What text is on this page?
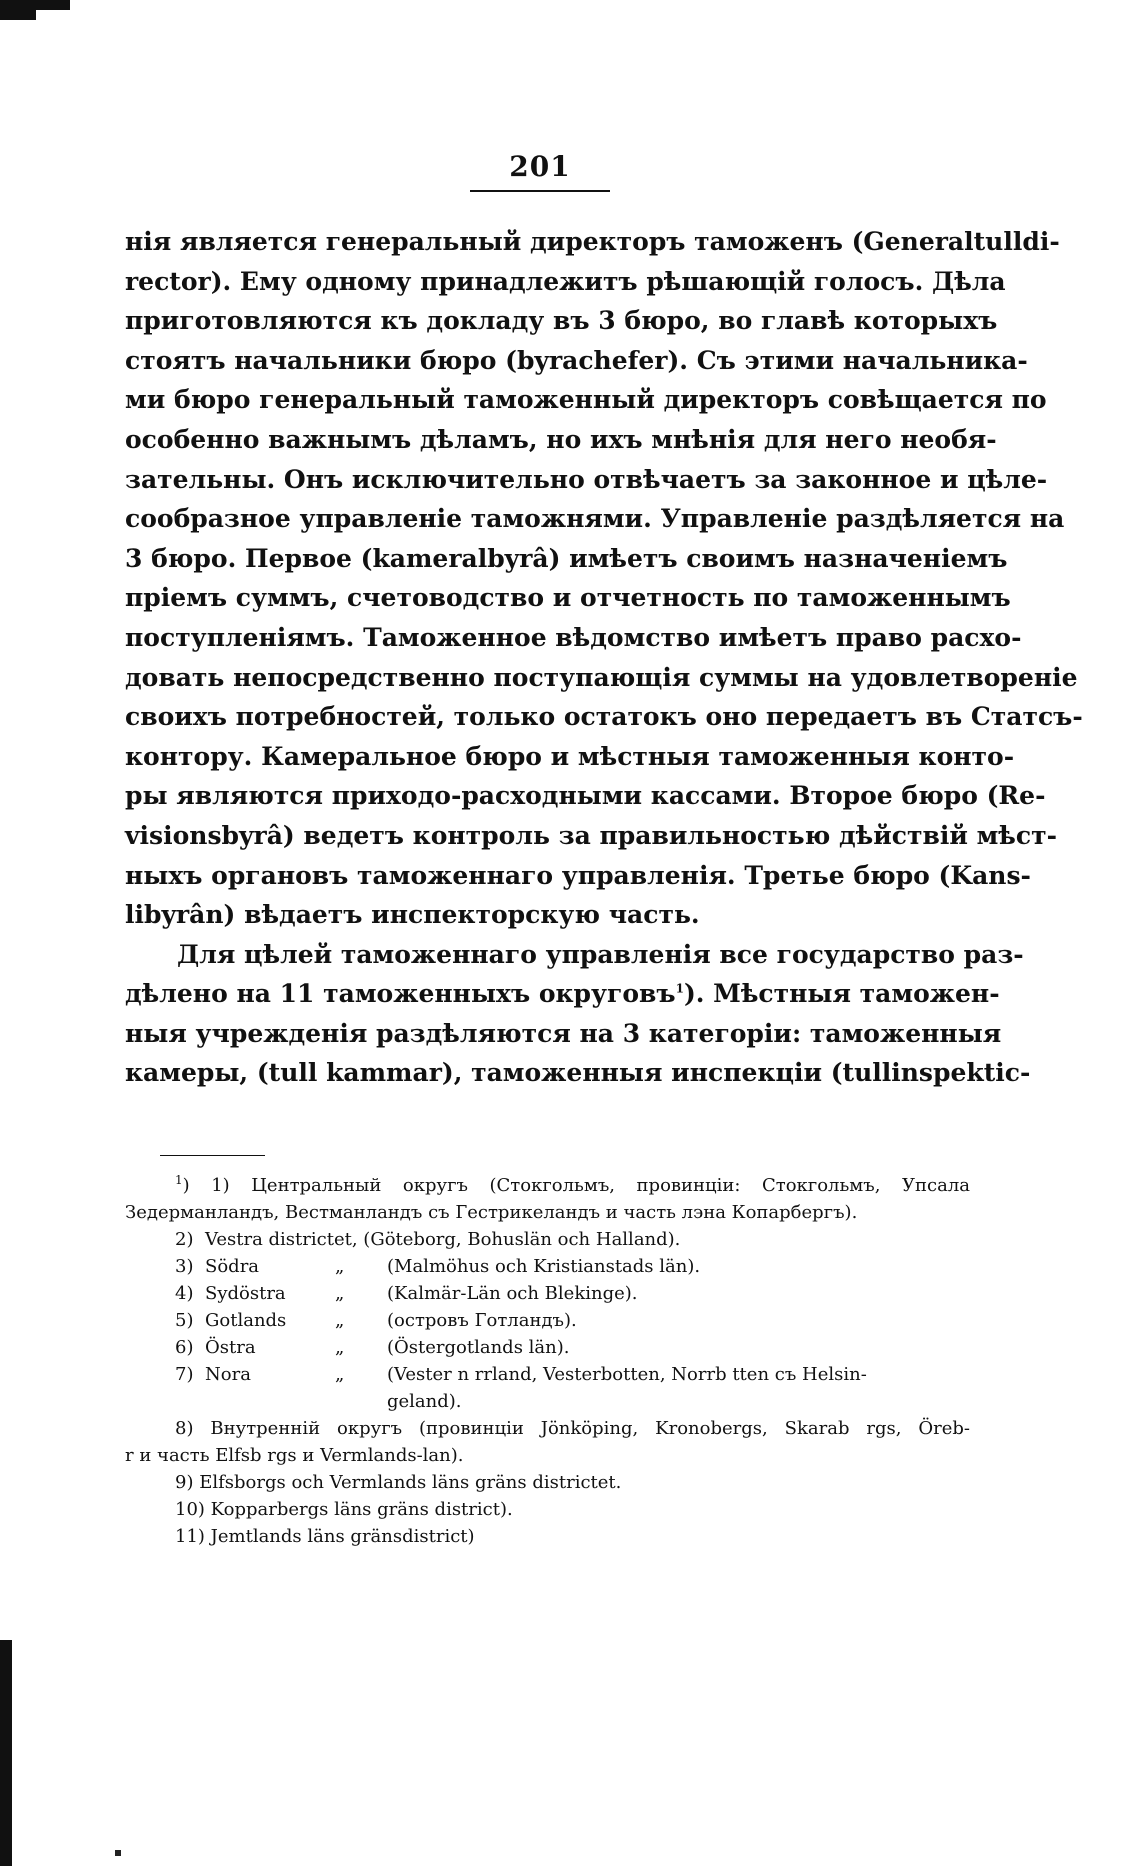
201
нія является генеральный директоръ таможенъ (Generaltulldi-
rector). Ему одному принадлежитъ рѣшающій голосъ. Дѣла
приготовляются къ докладу въ 3 бюро, во главѣ которыхъ
стоятъ начальники бюро (byrachefer). Съ этими начальника-
ми бюро генеральный таможенный директоръ совѣщается по
особенно важнымъ дѣламъ, но ихъ мнѣнія для него необя-
зательны. Онъ исключительно отвѣчаетъ за законное и цѣле-
сообразное управленіе таможнями. Управленіе раздѣляется на
3 бюро. Первое (kameralbyrâ) имѣетъ своимъ назначеніемъ
пріемъ суммъ, счетоводство и отчетность по таможеннымъ
поступленіямъ. Таможенное вѣдомство имѣетъ право расхо-
довать непосредственно поступающія суммы на удовлетвореніе
своихъ потребностей, только остатокъ оно передаетъ въ Статсъ-
контору. Камеральное бюро и мѣстныя таможенныя конто-
ры являются приходо-расходными кассами. Второе бюро (Re-
visionsbyrâ) ведетъ контроль за правильностью дѣйствій мѣст-
ныхъ органовъ таможеннаго управленія. Третье бюро (Kans-
libyrân) вѣдаетъ инспекторскую часть.
Для цѣлей таможеннаго управленія все государство раз-
дѣлено на 11 таможенныхъ округовъ$^1$). Мѣстныя таможен-
ныя учрежденія раздѣляются на 3 категоріи: таможенныя
камеры, (tull kammar), таможенныя инспекціи (tullinspektic-
$^1$) 1) Центральный округъ (Стокгольмъ, провинціи: Стокгольмъ, Упсала
Зедерманландъ, Вестманландъ съ Гестрикеландъ и часть лэна Копарбергъ).
2) Vestra districtet, (Göteborg, Bohuslän och Halland).
3) Södra	„ (Malmöhus och Kristianstads län).
4) Sydöstra	„ (Kalmär-Län och Blekinge).
5) Gotlands	„ (островъ Готландъ).
6) Östra	„ (Östergotlands län).
7) Nora	„ (Vester n rrland, Vesterbotten, Norrb tten съ Helsin-
geland).
8) Внутренній округъ (провинціи Jönköping, Kronobergs, Skarab rgs, Öreb-
r и часть Elfsb rgs и Vermlands-lan).
9) Elfsborgs och Vermlands läns gräns districtet.
10) Kopparbergs läns gräns district).
11) Jemtlands läns gränsdistrict)
